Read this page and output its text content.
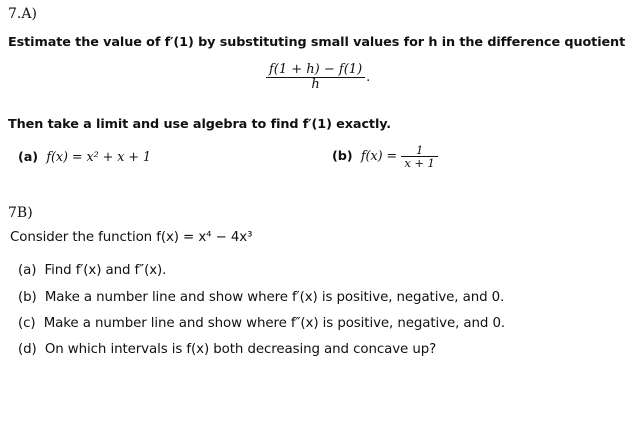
7.A)
Estimate the value of f′(1) by substituting small values for h in the difference quotient
$\frac{f(1 + h) - f(1)}{h}$ .
Then take a limit and use algebra to find f′(1) exactly.
(a) f(x) = x² + x + 1	(b) $f(x) = \frac{1}{x + 1}$
7B)
Consider the function f(x) = x⁴ − 4x³
(a) Find f′(x) and f″(x).
(b) Make a number line and show where f′(x) is positive, negative, and 0.
(c) Make a number line and show where f″(x) is positive, negative, and 0.
(d) On which intervals is f(x) both decreasing and concave up?
